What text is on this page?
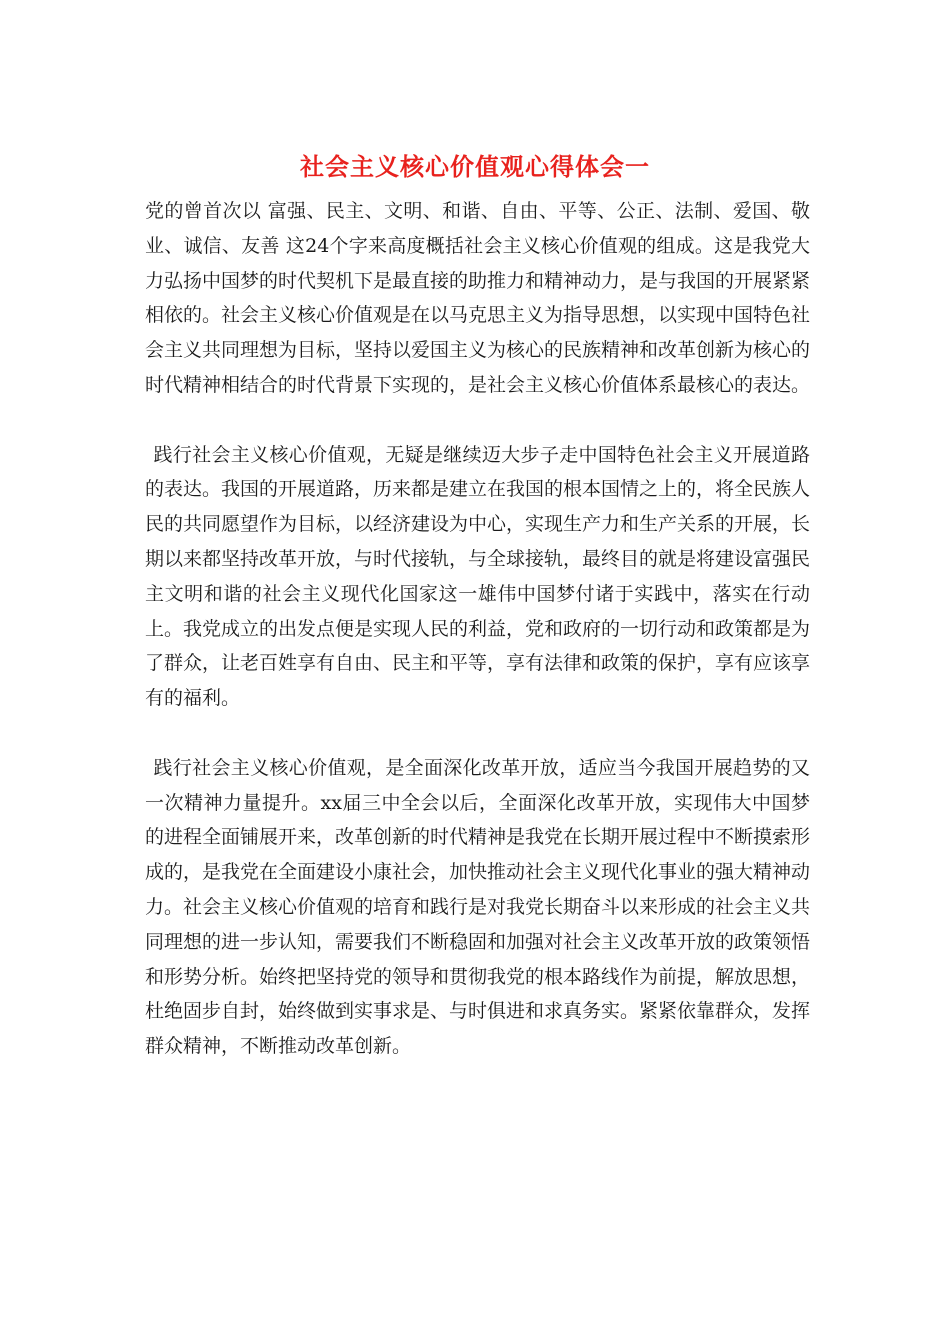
社会主义核心价值观心得体会一

党的曾首次以 富强、民主、文明、和谐、自由、平等、公正、法制、爱国、敬业、诚信、友善 这24个字来高度概括社会主义核心价值观的组成。这是我党大力弘扬中国梦的时代契机下是最直接的助推力和精神动力，是与我国的开展紧紧相依的。社会主义核心价值观是在以马克思主义为指导思想，以实现中国特色社会主义共同理想为目标，坚持以爱国主义为核心的民族精神和改革创新为核心的时代精神相结合的时代背景下实现的，是社会主义核心价值体系最核心的表达。

践行社会主义核心价值观，无疑是继续迈大步子走中国特色社会主义开展道路的表达。我国的开展道路，历来都是建立在我国的根本国情之上的，将全民族人民的共同愿望作为目标，以经济建设为中心，实现生产力和生产关系的开展，长期以来都坚持改革开放，与时代接轨，与全球接轨，最终目的就是将建设富强民主文明和谐的社会主义现代化国家这一雄伟中国梦付诸于实践中，落实在行动上。我党成立的出发点便是实现人民的利益，党和政府的一切行动和政策都是为了群众，让老百姓享有自由、民主和平等，享有法律和政策的保护，享有应该享有的福利。

践行社会主义核心价值观，是全面深化改革开放，适应当今我国开展趋势的又一次精神力量提升。xx届三中全会以后，全面深化改革开放，实现伟大中国梦的进程全面铺展开来，改革创新的时代精神是我党在长期开展过程中不断摸索形成的，是我党在全面建设小康社会，加快推动社会主义现代化事业的强大精神动力。社会主义核心价值观的培育和践行是对我党长期奋斗以来形成的社会主义共同理想的进一步认知，需要我们不断稳固和加强对社会主义改革开放的政策领悟和形势分析。始终把坚持党的领导和贯彻我党的根本路线作为前提，解放思想，杜绝固步自封，始终做到实事求是、与时俱进和求真务实。紧紧依靠群众，发挥群众精神，不断推动改革创新。
